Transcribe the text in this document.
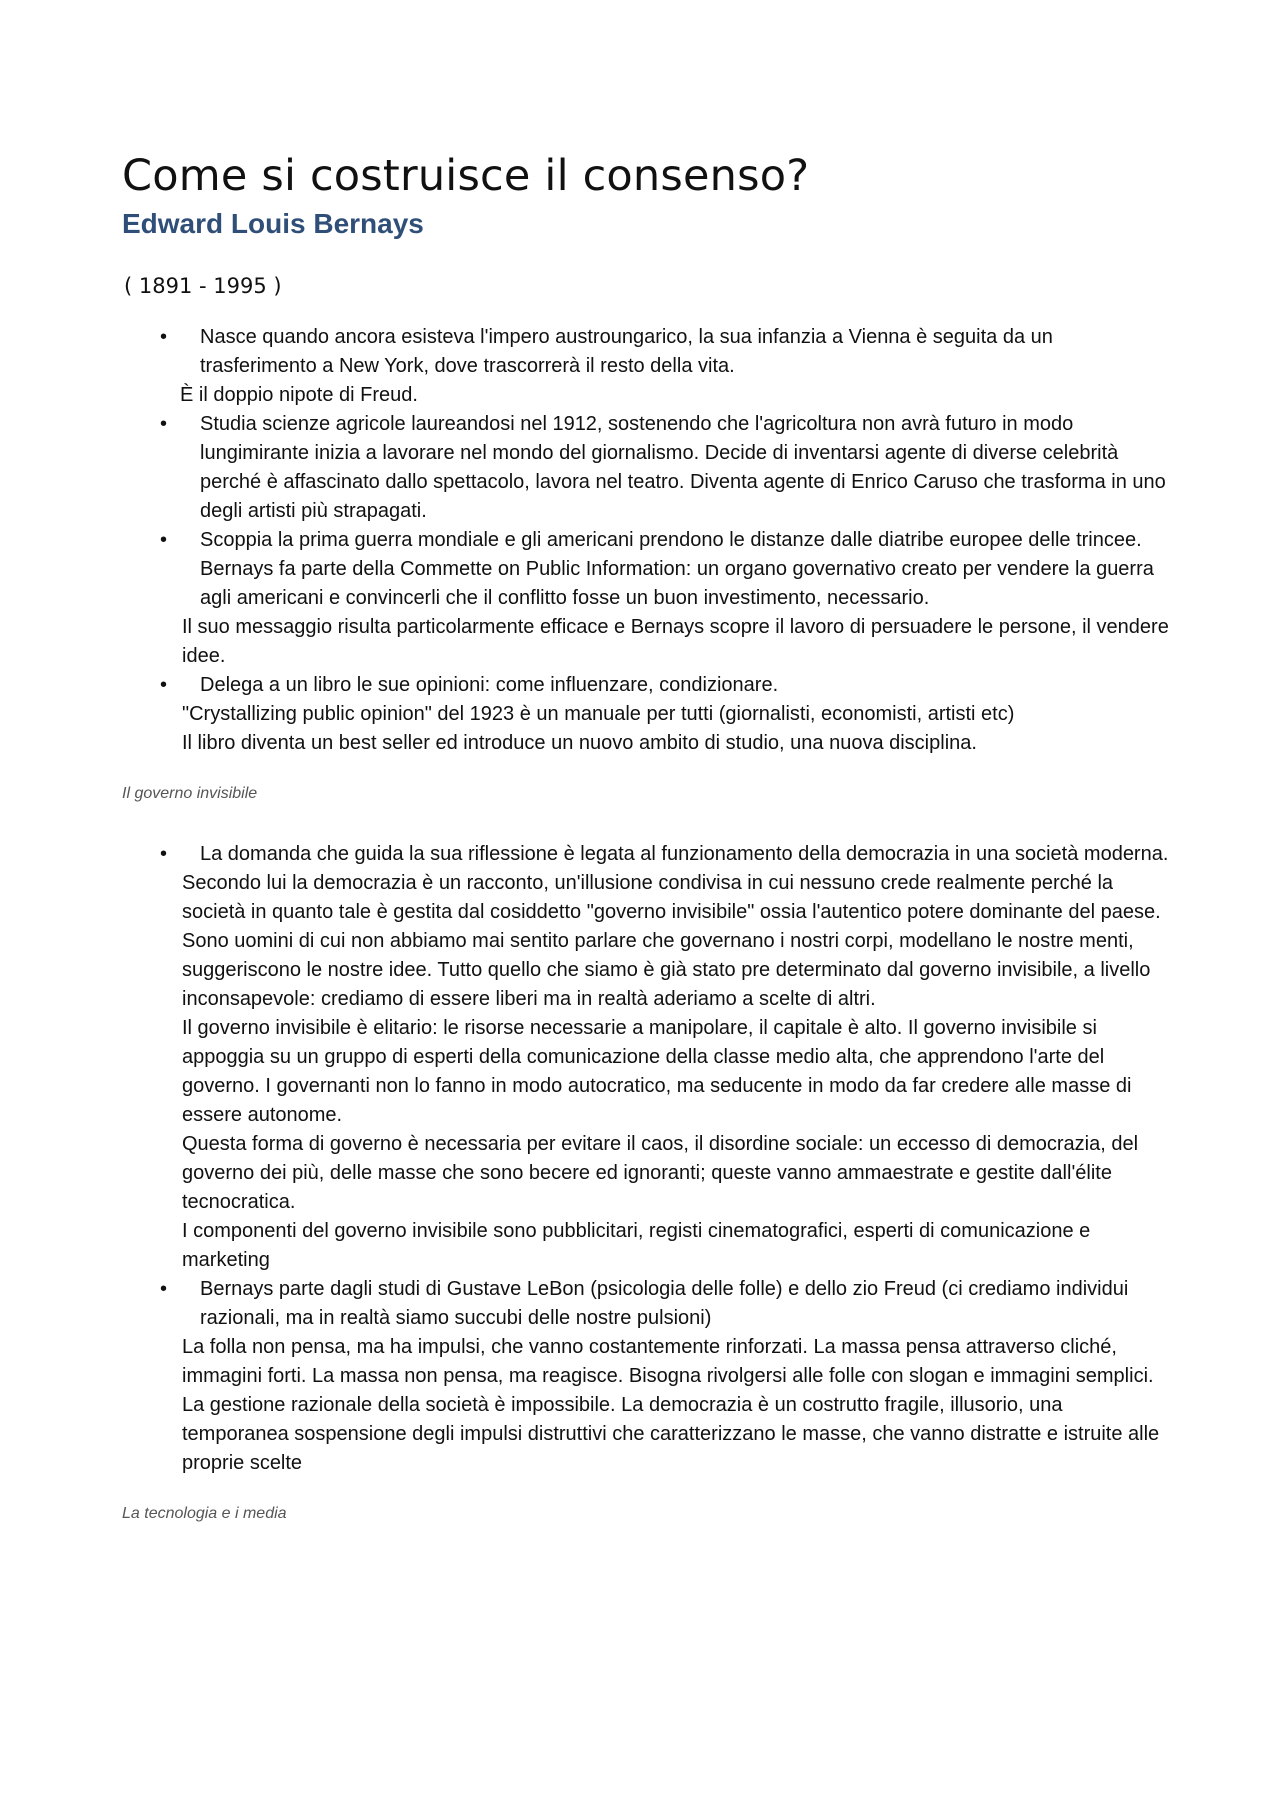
Come si costruisce il consenso?
Edward Louis Bernays
( 1891 - 1995 )
• Nasce quando ancora esisteva l'impero austroungarico, la sua infanzia a Vienna è seguita da un trasferimento a New York, dove trascorrerà il resto della vita.
È il doppio nipote di Freud.
• Studia scienze agricole laureandosi nel 1912, sostenendo che l'agricoltura non avrà futuro in modo lungimirante inizia a lavorare nel mondo del giornalismo. Decide di inventarsi agente di diverse celebrità perché è affascinato dallo spettacolo, lavora nel teatro. Diventa agente di Enrico Caruso che trasforma in uno degli artisti più strapagati.
• Scoppia la prima guerra mondiale e gli americani prendono le distanze dalle diatribe europee delle trincee. Bernays fa parte della Commette on Public Information: un organo governativo creato per vendere la guerra agli americani e convincerli che il conflitto fosse un buon investimento, necessario.
Il suo messaggio risulta particolarmente efficace e Bernays scopre il lavoro di persuadere le persone, il vendere idee.
• Delega a un libro le sue opinioni: come influenzare, condizionare.
"Crystallizing public opinion" del 1923 è un manuale per tutti (giornalisti, economisti, artisti etc)
Il libro diventa un best seller ed introduce un nuovo ambito di studio, una nuova disciplina.
Il governo invisibile
• La domanda che guida la sua riflessione è legata al funzionamento della democrazia in una società moderna.
Secondo lui la democrazia è un racconto, un'illusione condivisa in cui nessuno crede realmente perché la società in quanto tale è gestita dal cosiddetto "governo invisibile" ossia l'autentico potere dominante del paese. Sono uomini di cui non abbiamo mai sentito parlare che governano i nostri corpi, modellano le nostre menti, suggeriscono le nostre idee. Tutto quello che siamo è già stato pre determinato dal governo invisibile, a livello inconsapevole: crediamo di essere liberi ma in realtà aderiamo a scelte di altri.
Il governo invisibile è elitario: le risorse necessarie a manipolare, il capitale è alto. Il governo invisibile si appoggia su un gruppo di esperti della comunicazione della classe medio alta, che apprendono l'arte del governo. I governanti non lo fanno in modo autocratico, ma seducente in modo da far credere alle masse di essere autonome.
Questa forma di governo è necessaria per evitare il caos, il disordine sociale: un eccesso di democrazia, del governo dei più, delle masse che sono becere ed ignoranti; queste vanno ammaestrate e gestite dall'élite tecnocratica.
I componenti del governo invisibile sono pubblicitari, registi cinematografici, esperti di comunicazione e marketing
• Bernays parte dagli studi di Gustave LeBon (psicologia delle folle) e dello zio Freud (ci crediamo individui razionali, ma in realtà siamo succubi delle nostre pulsioni)
La folla non pensa, ma ha impulsi, che vanno costantemente rinforzati. La massa pensa attraverso cliché, immagini forti. La massa non pensa, ma reagisce. Bisogna rivolgersi alle folle con slogan e immagini semplici.
La gestione razionale della società è impossibile. La democrazia è un costrutto fragile, illusorio, una temporanea sospensione degli impulsi distruttivi che caratterizzano le masse, che vanno distratte e istruite alle proprie scelte
La tecnologia e i media
